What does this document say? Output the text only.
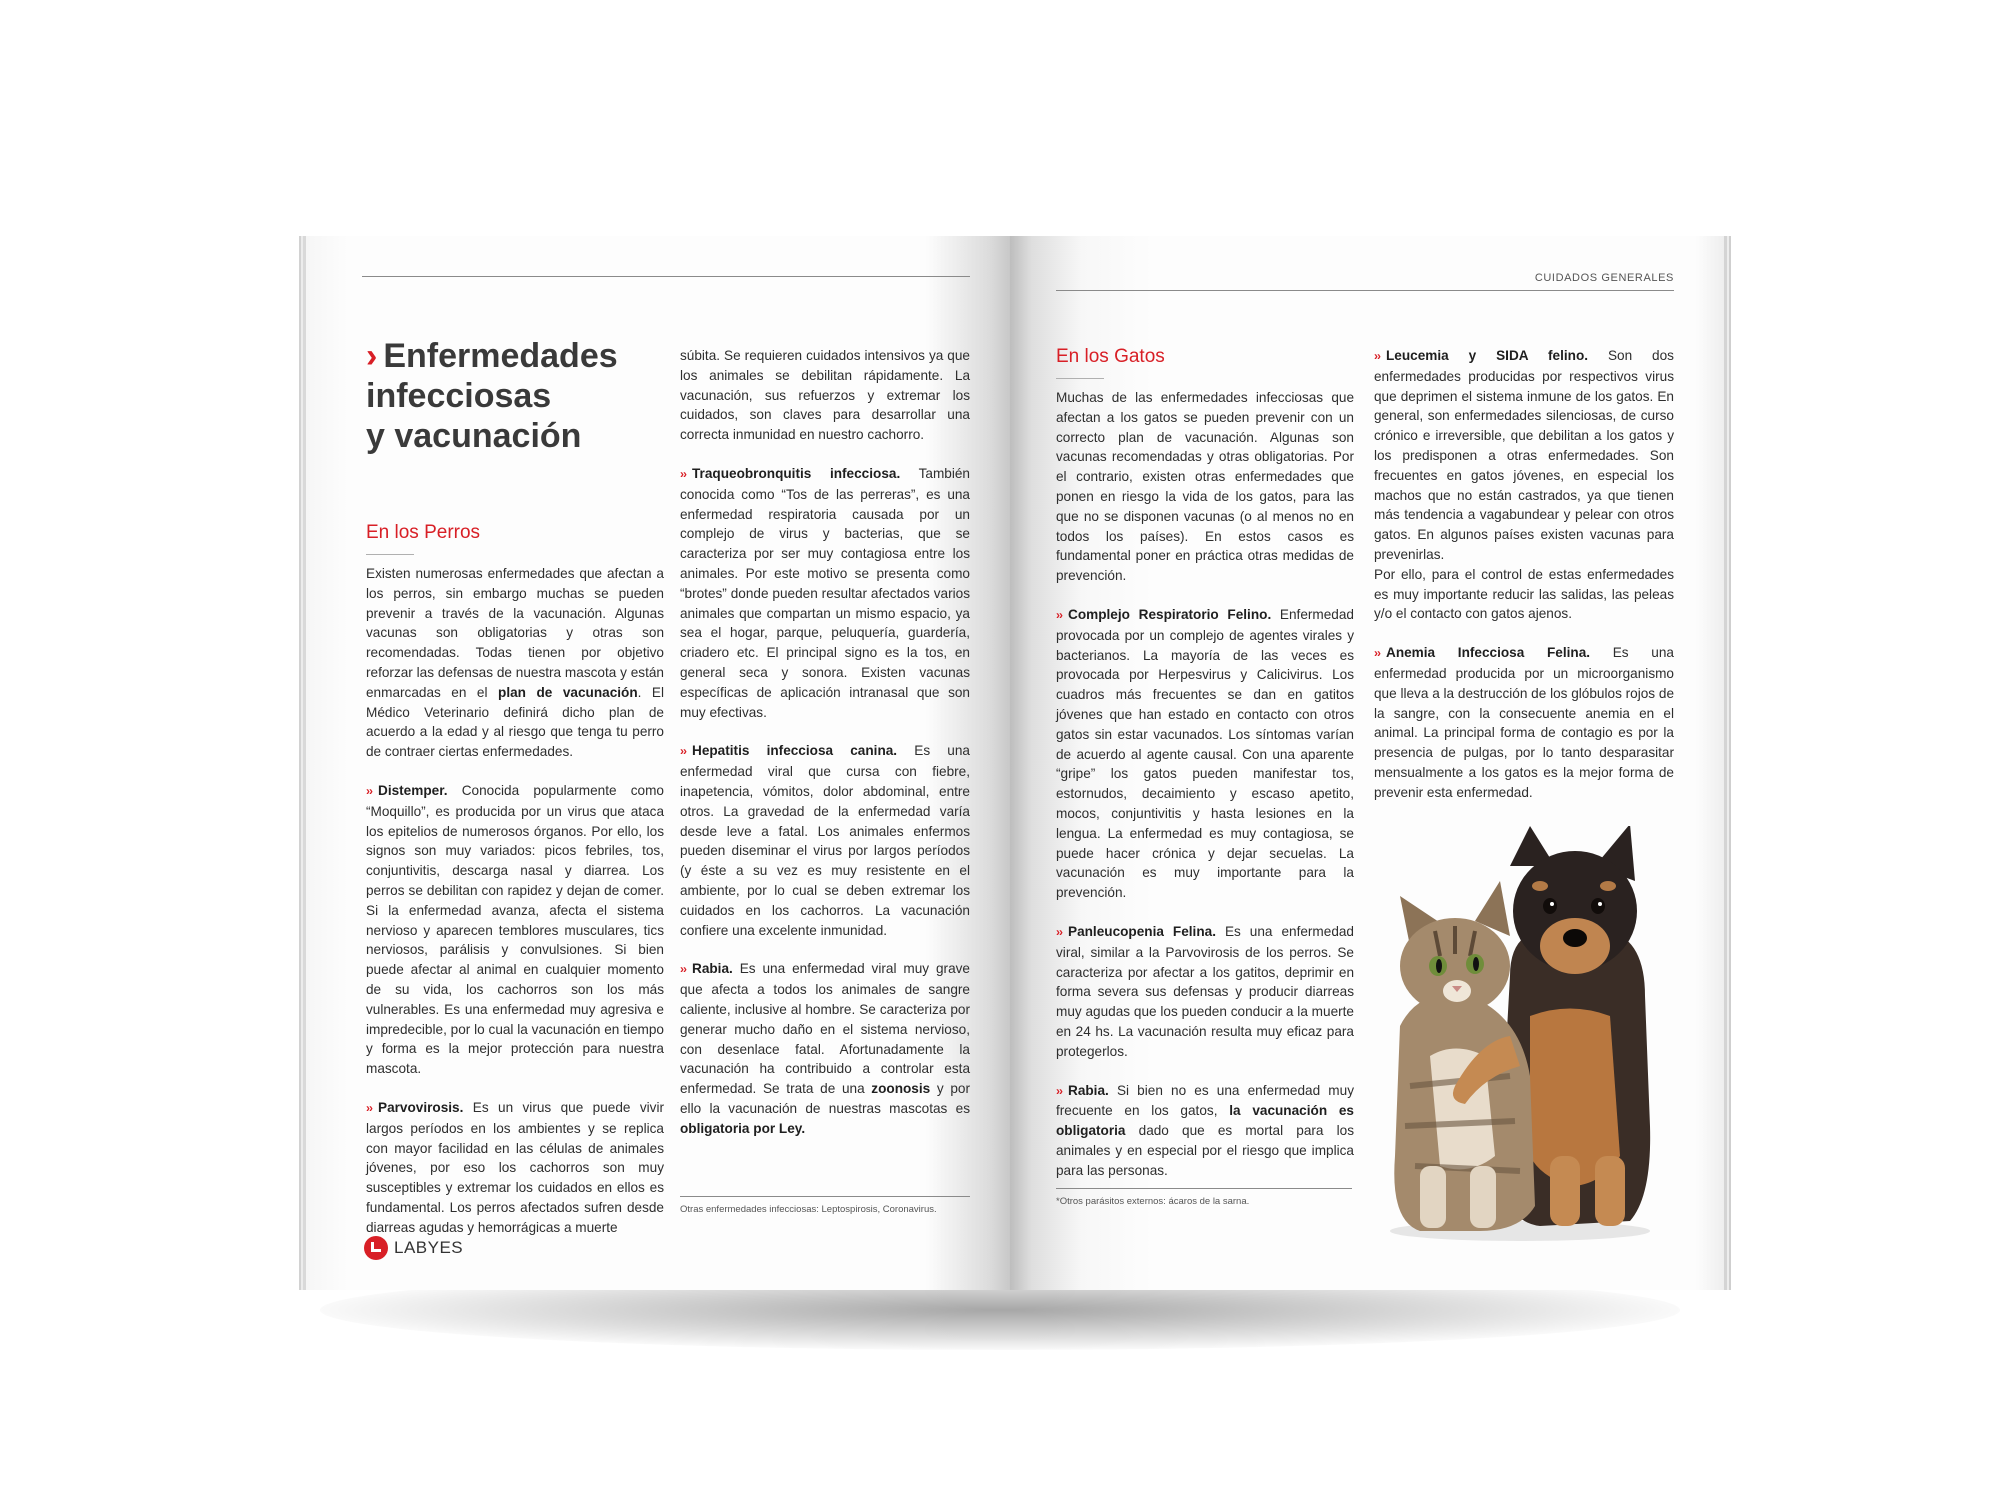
› Enfermedades
infecciosas
y vacunación
En los Perros

Existen numerosas enfermedades que afectan a los perros, sin embargo muchas se pueden prevenir a través de la vacunación. Algunas vacunas son obligatorias y otras son recomendadas. Todas tienen por objetivo reforzar las defensas de nuestra mascota y están enmarcadas en el plan de vacunación. El Médico Veterinario definirá dicho plan de acuerdo a la edad y al riesgo que tenga tu perro de contraer ciertas enfermedades.

›› Distemper. Conocida popularmente como “Moquillo”, es producida por un virus que ataca los epitelios de numerosos órganos. Por ello, los signos son muy variados: picos febriles, tos, conjuntivitis, descarga nasal y diarrea. Los perros se debilitan con rapidez y dejan de comer. Si la enfermedad avanza, afecta el sistema nervioso y aparecen temblores musculares, tics nerviosos, parálisis y convulsiones. Si bien puede afectar al animal en cualquier momento de su vida, los cachorros son los más vulnerables. Es una enfermedad muy agresiva e impredecible, por lo cual la vacunación en tiempo y forma es la mejor protección para nuestra mascota.

›› Parvovirosis. Es un virus que puede vivir largos períodos en los ambientes y se replica con mayor facilidad en las células de animales jóvenes, por eso los cachorros son muy susceptibles y extremar los cuidados en ellos es fundamental. Los perros afectados sufren desde diarreas agudas y hemorrágicas a muerte

súbita. Se requieren cuidados intensivos ya que los animales se debilitan rápidamente. La vacunación, sus refuerzos y extremar los cuidados, son claves para desarrollar una correcta inmunidad en nuestro cachorro.

›› Traqueobronquitis infecciosa. También conocida como “Tos de las perreras”, es una enfermedad respiratoria causada por un complejo de virus y bacterias, que se caracteriza por ser muy contagiosa entre los animales. Por este motivo se presenta como “brotes” donde pueden resultar afectados varios animales que compartan un mismo espacio, ya sea el hogar, parque, peluquería, guardería, criadero etc. El principal signo es la tos, en general seca y sonora. Existen vacunas específicas de aplicación intranasal que son muy efectivas.

›› Hepatitis infecciosa canina. Es una enfermedad viral que cursa con fiebre, inapetencia, vómitos, dolor abdominal, entre otros. La gravedad de la enfermedad varía desde leve a fatal. Los animales enfermos pueden diseminar el virus por largos períodos (y éste a su vez es muy resistente en el ambiente, por lo cual se deben extremar los cuidados en los cachorros. La vacunación confiere una excelente inmunidad.

›› Rabia. Es una enfermedad viral muy grave que afecta a todos los animales de sangre caliente, inclusive al hombre. Se caracteriza por generar mucho daño en el sistema nervioso, con desenlace fatal. Afortunadamente la vacunación ha contribuido a controlar esta enfermedad. Se trata de una zoonosis y por ello la vacunación de nuestras mascotas es obligatoria por Ley.

Otras enfermedades infecciosas: Leptospirosis, Coronavirus.
LABYES
CUIDADOS GENERALES
En los Gatos

Muchas de las enfermedades infecciosas que afectan a los gatos se pueden prevenir con un correcto plan de vacunación. Algunas son vacunas recomendadas y otras obligatorias. Por el contrario, existen otras enfermedades que ponen en riesgo la vida de los gatos, para las que no se disponen vacunas (o al menos no en todos los países). En estos casos es fundamental poner en práctica otras medidas de prevención.

›› Complejo Respiratorio Felino. Enfermedad provocada por un complejo de agentes virales y bacterianos. La mayoría de las veces es provocada por Herpesvirus y Calicivirus. Los cuadros más frecuentes se dan en gatitos jóvenes que han estado en contacto con otros gatos sin estar vacunados. Los síntomas varían de acuerdo al agente causal. Con una aparente “gripe” los gatos pueden manifestar tos, estornudos, decaimiento y escaso apetito, mocos, conjuntivitis y hasta lesiones en la lengua. La enfermedad es muy contagiosa, se puede hacer crónica y dejar secuelas. La vacunación es muy importante para la prevención.

›› Panleucopenia Felina. Es una enfermedad viral, similar a la Parvovirosis de los perros. Se caracteriza por afectar a los gatitos, deprimir en forma severa sus defensas y producir diarreas muy agudas que los pueden conducir a la muerte en 24 hs. La vacunación resulta muy eficaz para protegerlos.

›› Rabia. Si bien no es una enfermedad muy frecuente en los gatos, la vacunación es obligatoria dado que es mortal para los animales y en especial por el riesgo que implica para las personas.

›› Leucemia y SIDA felino. Son dos enfermedades producidas por respectivos virus que deprimen el sistema inmune de los gatos. En general, son enfermedades silenciosas, de curso crónico e irreversible, que debilitan a los gatos y los predisponen a otras enfermedades. Son frecuentes en gatos jóvenes, en especial los machos que no están castrados, ya que tienen más tendencia a vagabundear y pelear con otros gatos. En algunos países existen vacunas para prevenirlas.

Por ello, para el control de estas enfermedades es muy importante reducir las salidas, las peleas y/o el contacto con gatos ajenos.

›› Anemia Infecciosa Felina. Es una enfermedad producida por un microorganismo que lleva a la destrucción de los glóbulos rojos de la sangre, con la consecuente anemia en el animal. La principal forma de contagio es por la presencia de pulgas, por lo tanto desparasitar mensualmente a los gatos es la mejor forma de prevenir esta enfermedad.

*Otros parásitos externos: ácaros de la sarna.
